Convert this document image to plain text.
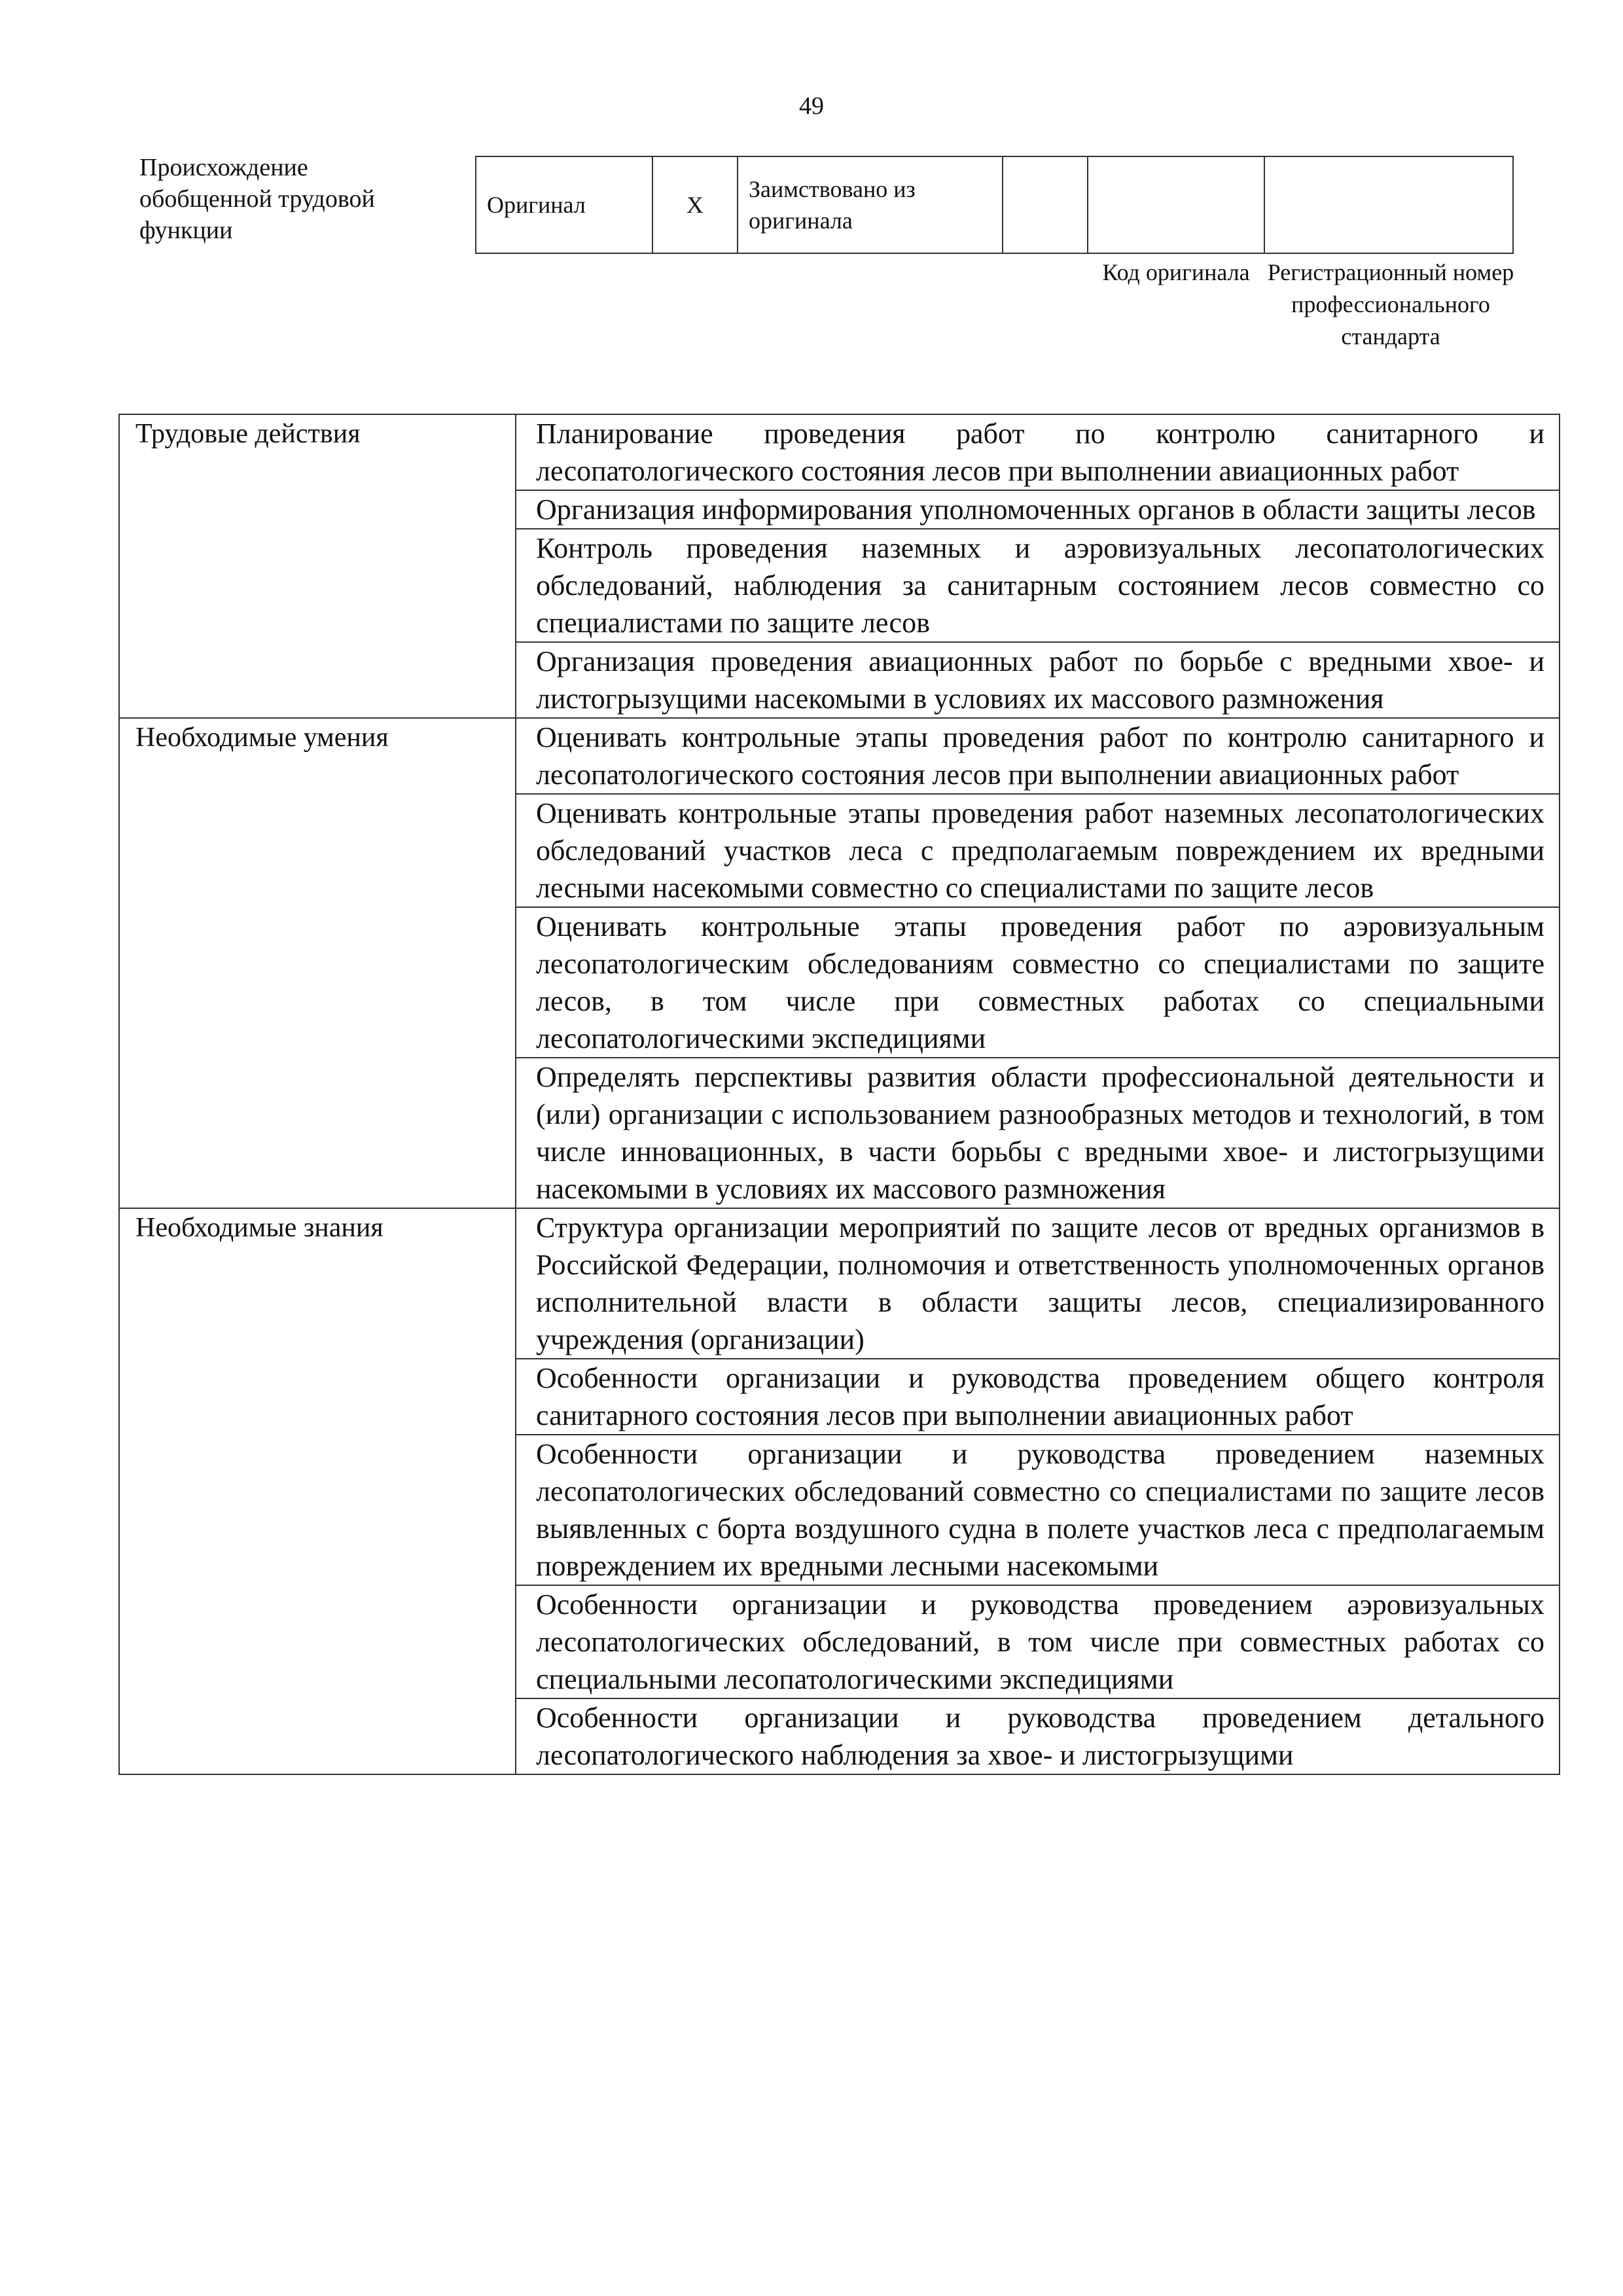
49
Происхождение обобщенной трудовой функции
Оригинал	X	Заимствовано из оригинала			
Код оригинала Регистрационный номер профессионального стандарта
Трудовые действия	Планирование проведения работ по контролю санитарного и лесопатологического состояния лесов при выполнении авиационных работ
	Организация информирования уполномоченных органов в области защиты лесов
	Контроль проведения наземных и аэровизуальных лесопатологических обследований, наблюдения за санитарным состоянием лесов совместно со специалистами по защите лесов
	Организация проведения авиационных работ по борьбе с вредными хвое- и листогрызущими насекомыми в условиях их массового размножения
Необходимые умения	Оценивать контрольные этапы проведения работ по контролю санитарного и лесопатологического состояния лесов при выполнении авиационных работ
	Оценивать контрольные этапы проведения работ наземных лесопатологических обследований участков леса с предполагаемым повреждением их вредными лесными насекомыми совместно со специалистами по защите лесов
	Оценивать контрольные этапы проведения работ по аэровизуальным лесопатологическим обследованиям совместно со специалистами по защите лесов, в том числе при совместных работах со специальными лесопатологическими экспедициями
	Определять перспективы развития области профессиональной деятельности и (или) организации с использованием разнообразных методов и технологий, в том числе инновационных, в части борьбы с вредными хвое- и листогрызущими насекомыми в условиях их массового размножения
Необходимые знания	Структура организации мероприятий по защите лесов от вредных организмов в Российской Федерации, полномочия и ответственность уполномоченных органов исполнительной власти в области защиты лесов, специализированного учреждения (организации)
	Особенности организации и руководства проведением общего контроля санитарного состояния лесов при выполнении авиационных работ
	Особенности организации и руководства проведением наземных лесопатологических обследований совместно со специалистами по защите лесов выявленных с борта воздушного судна в полете участков леса с предполагаемым повреждением их вредными лесными насекомыми
	Особенности организации и руководства проведением аэровизуальных лесопатологических обследований, в том числе при совместных работах со специальными лесопатологическими экспедициями
	Особенности организации и руководства проведением детального лесопатологического наблюдения за хвое- и листогрызущими
